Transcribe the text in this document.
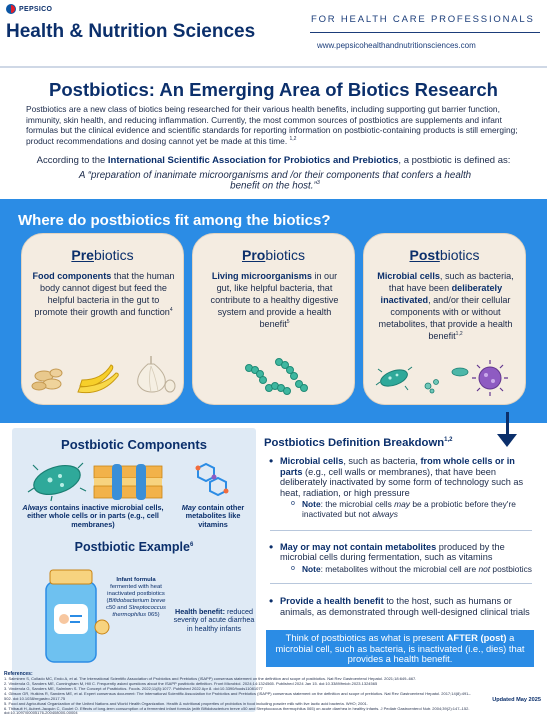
PEPSICO
Health & Nutrition Sciences
FOR HEALTH CARE PROFESSIONALS
www.pepsicohealthandnutritionsciences.com
Postbiotics: An Emerging Area of Biotics Research
Postbiotics are a new class of biotics being researched for their various health benefits, including supporting gut barrier function, immunity, skin health, and reducing inflammation. Currently, the most common sources of postbiotics are supplements and infant formulas but the clinical evidence and scientific standards for reporting information on postbiotic-containing products is still emerging; product recommendations and dosing cannot yet be made at this time. $^{1,2}$
According to the International Scientific Association for Probiotics and Prebiotics, a postbiotic is defined as:
A “preparation of inanimate microorganisms and /or their components that confers a health benefit on the host.”$^3$
Where do postbiotics fit among the biotics?
Prebiotics
Food components that the human body cannot digest but feed the helpful bacteria in the gut to promote their growth and function$^4$
Probiotics
Living microorganisms in our gut, like helpful bacteria, that contribute to a healthy digestive system and provide a health benefit$^5$
Postbiotics
Microbial cells, such as bacteria, that have been deliberately inactivated, and/or their cellular components with or without metabolites, that provide a health benefit$^{1,2}$
Postbiotic Components
Always contains inactive microbial cells, either whole cells or in parts (e.g., cell membranes)
May contain other metabolites like vitamins
Postbiotic Example$^6$
Infant formula fermented with heat inactivated postbiotics (Bifidobacterium breve c50 and Streptococcus thermophilus 065)	Health benefit: reduced severity of acute diarrhea in healthy infants
Postbiotics Definition Breakdown$^{1,2}$
• Microbial cells, such as bacteria, from whole cells or in parts (e.g., cell walls or membranes), that have been deliberately inactivated by some form of technology such as heat, radiation, or high pressure
o Note: the microbial cells may be a probiotic before they're inactivated but not always
• May or may not contain metabolites produced by the microbial cells during fermentation, such as vitamins
o Note: metabolites without the microbial cell are not postbiotics
• Provide a health benefit to the host, such as humans or animals, as demonstrated through well-designed clinical trials
Think of postbiotics as what is present AFTER (post) a microbial cell, such as bacteria, is inactivated (i.e., dies) that provides a health benefit.
References:
1. Salminen S, Collado MC, Endo A, et al. The International Scientific Association of Probiotics and Prebiotics (ISAPP) consensus statement on the definition and scope of postbiotics. Nat Rev Gastroenterol Hepatol. 2021;18:649–667.
2. Vinderola G, Sanders ME, Cunningham M, Hill C. Frequently asked questions about the ISAPP postbiotic definition. Front Microbiol. 2024;14:1324565. Published 2024 Jan 15. doi:10.3389/fmicb.2023.1324565
3. Vinderola G, Sanders ME, Salminen S. The Concept of Postbiotics. Foods. 2022;11(8):1077. Published 2022 Apr 8. doi:10.3390/foods11081077
4. Gibson GR, Hutkins R, Sanders ME, et al. Expert consensus document: The International Scientific Association for Probiotics and Prebiotics (ISAPP) consensus statement on the definition and scope of prebiotics. Nat Rev Gastroenterol Hepatol. 2017;14(8):491–502. doi:10.1038/nrgastro.2017.75
5. Food and Agricultural Organization of the United Nations and World Health Organization. Health & nutritional properties of probiotics in food including powder milk with live lactic acid bacteria. WHO; 2001.
6. Thibault H, Aubert-Jacquin C, Goulet O. Effects of long-term consumption of a fermented infant formula (with Bifidobacterium breve c50 and Streptococcus thermophilus 065) on acute diarrhea in healthy infants. J Pediatr Gastroenterol Nutr. 2004;39(2):147–152. doi:10.1097/00005176-200408000-00004
Updated May 2025
